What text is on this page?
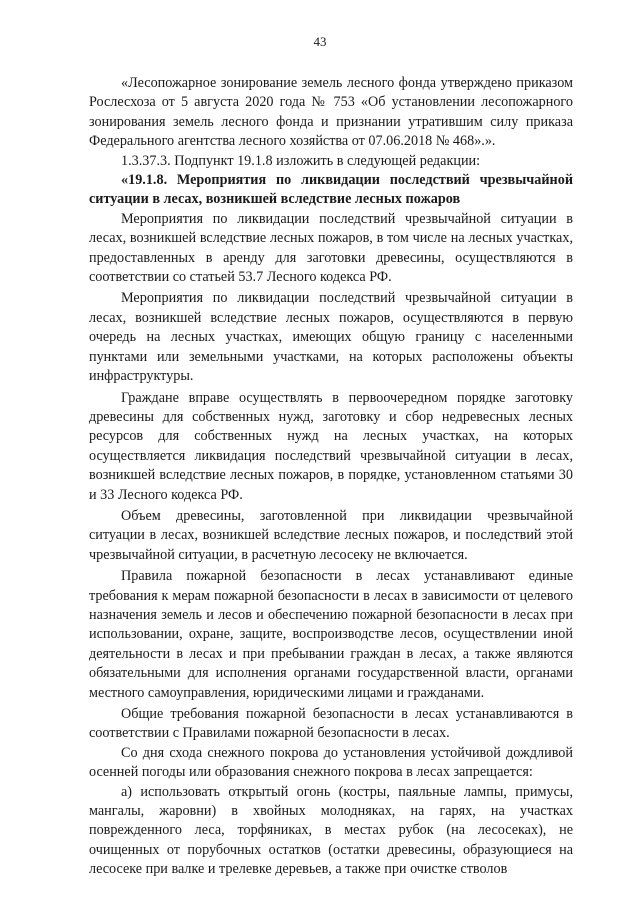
43

«Лесопожарное зонирование земель лесного фонда утверждено приказом Рослесхоза от 5 августа 2020 года № 753 «Об установлении лесопожарного зонирования земель лесного фонда и признании утратившим силу приказа Федерального агентства лесного хозяйства от 07.06.2018 № 468».».

1.3.37.3. Подпункт 19.1.8 изложить в следующей редакции:

«19.1.8. Мероприятия по ликвидации последствий чрезвычайной ситуации в лесах, возникшей вследствие лесных пожаров

Мероприятия по ликвидации последствий чрезвычайной ситуации в лесах, возникшей вследствие лесных пожаров, в том числе на лесных участках, предоставленных в аренду для заготовки древесины, осуществляются в соответствии со статьей 53.7 Лесного кодекса РФ.

Мероприятия по ликвидации последствий чрезвычайной ситуации в лесах, возникшей вследствие лесных пожаров, осуществляются в первую очередь на лесных участках, имеющих общую границу с населенными пунктами или земельными участками, на которых расположены объекты инфраструктуры.

Граждане вправе осуществлять в первоочередном порядке заготовку древесины для собственных нужд, заготовку и сбор недревесных лесных ресурсов для собственных нужд на лесных участках, на которых осуществляется ликвидация последствий чрезвычайной ситуации в лесах, возникшей вследствие лесных пожаров, в порядке, установленном статьями 30 и 33 Лесного кодекса РФ.

Объем древесины, заготовленной при ликвидации чрезвычайной ситуации в лесах, возникшей вследствие лесных пожаров, и последствий этой чрезвычайной ситуации, в расчетную лесосеку не включается.

Правила пожарной безопасности в лесах устанавливают единые требования к мерам пожарной безопасности в лесах в зависимости от целевого назначения земель и лесов и обеспечению пожарной безопасности в лесах при использовании, охране, защите, воспроизводстве лесов, осуществлении иной деятельности в лесах и при пребывании граждан в лесах, а также являются обязательными для исполнения органами государственной власти, органами местного самоуправления, юридическими лицами и гражданами.

Общие требования пожарной безопасности в лесах устанавливаются в соответствии с Правилами пожарной безопасности в лесах.

Со дня схода снежного покрова до установления устойчивой дождливой осенней погоды или образования снежного покрова в лесах запрещается:

а) использовать открытый огонь (костры, паяльные лампы, примусы, мангалы, жаровни) в хвойных молодняках, на гарях, на участках поврежденного леса, торфяниках, в местах рубок (на лесосеках), не очищенных от порубочных остатков (остатки древесины, образующиеся на лесосеке при валке и трелевке деревьев, а также при очистке стволов
